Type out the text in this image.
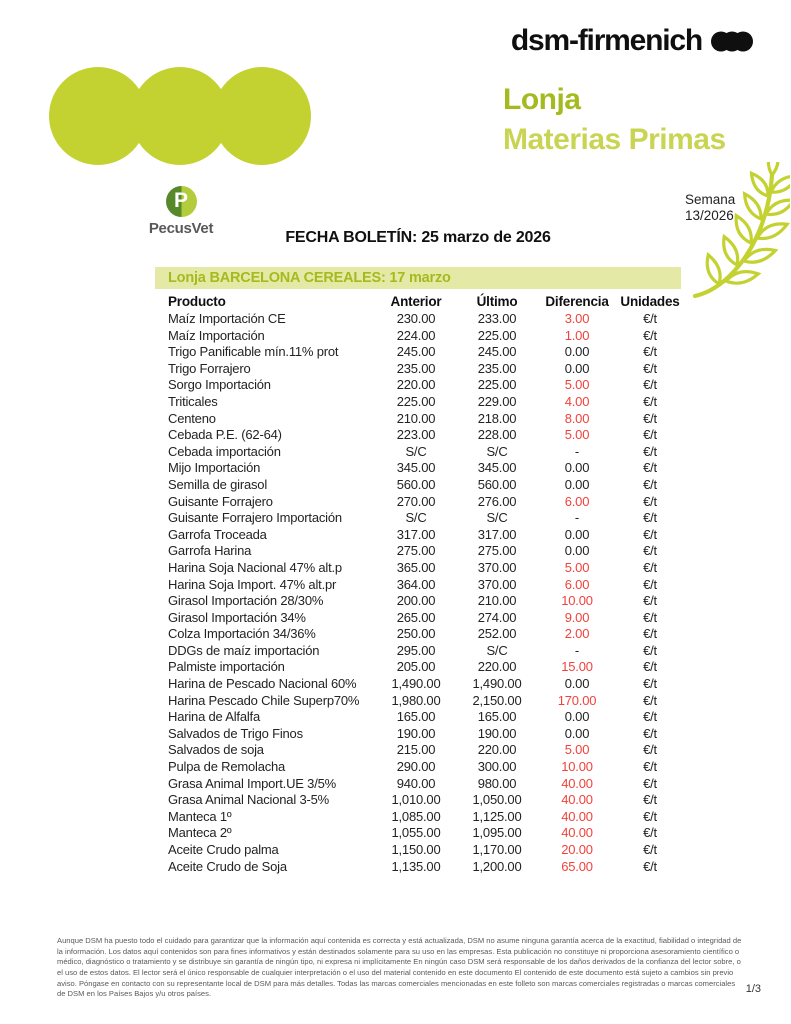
dsm-firmenich
Lonja
Materias Primas
P
PecusVet
FECHA BOLETÍN: 25 marzo de 2026
Semana
13/2026
Lonja BARCELONA CEREALES: 17 marzo
Producto	Anterior	Último	Diferencia	Unidades
Maíz Importación CE	230.00	233.00	3.00	€/t
Maíz Importación	224.00	225.00	1.00	€/t
Trigo Panificable mín.11% prot	245.00	245.00	0.00	€/t
Trigo Forrajero	235.00	235.00	0.00	€/t
Sorgo Importación	220.00	225.00	5.00	€/t
Triticales	225.00	229.00	4.00	€/t
Centeno	210.00	218.00	8.00	€/t
Cebada P.E. (62-64)	223.00	228.00	5.00	€/t
Cebada importación	S/C	S/C	-	€/t
Mijo Importación	345.00	345.00	0.00	€/t
Semilla de girasol	560.00	560.00	0.00	€/t
Guisante Forrajero	270.00	276.00	6.00	€/t
Guisante Forrajero Importación	S/C	S/C	-	€/t
Garrofa Troceada	317.00	317.00	0.00	€/t
Garrofa Harina	275.00	275.00	0.00	€/t
Harina Soja Nacional 47% alt.p	365.00	370.00	5.00	€/t
Harina Soja Import. 47% alt.pr	364.00	370.00	6.00	€/t
Girasol Importación 28/30%	200.00	210.00	10.00	€/t
Girasol Importación 34%	265.00	274.00	9.00	€/t
Colza Importación 34/36%	250.00	252.00	2.00	€/t
DDGs de maíz importación	295.00	S/C	-	€/t
Palmiste importación	205.00	220.00	15.00	€/t
Harina de Pescado Nacional 60%	1,490.00	1,490.00	0.00	€/t
Harina Pescado Chile Superp70%	1,980.00	2,150.00	170.00	€/t
Harina de Alfalfa	165.00	165.00	0.00	€/t
Salvados de Trigo Finos	190.00	190.00	0.00	€/t
Salvados de soja	215.00	220.00	5.00	€/t
Pulpa de Remolacha	290.00	300.00	10.00	€/t
Grasa Animal Import.UE 3/5%	940.00	980.00	40.00	€/t
Grasa Animal Nacional 3-5%	1,010.00	1,050.00	40.00	€/t
Manteca 1º	1,085.00	1,125.00	40.00	€/t
Manteca 2º	1,055.00	1,095.00	40.00	€/t
Aceite Crudo palma	1,150.00	1,170.00	20.00	€/t
Aceite Crudo de Soja	1,135.00	1,200.00	65.00	€/t
Aunque DSM ha puesto todo el cuidado para garantizar que la información aquí contenida es correcta y está actualizada, DSM no asume ninguna garantía acerca de la exactitud, fiabilidad o integridad de la información. Los datos aquí contenidos son para fines informativos y están destinados solamente para su uso en las empresas. Esta publicación no constituye ni proporciona asesoramiento científico o médico, diagnóstico o tratamiento y se distribuye sin garantía de ningún tipo, ni expresa ni implícitamente En ningún caso DSM será responsable de los daños derivados de la confianza del lector sobre, o el uso de estos datos. El lector será el único responsable de cualquier interpretación o el uso del material contenido en este documento El contenido de este documento está sujeto a cambios sin previo aviso. Póngase en contacto con su representante local de DSM para más detalles. Todas las marcas comerciales mencionadas en este folleto son marcas comerciales registradas o marcas comerciales de DSM en los Países Bajos y/u otros países.	1/3
